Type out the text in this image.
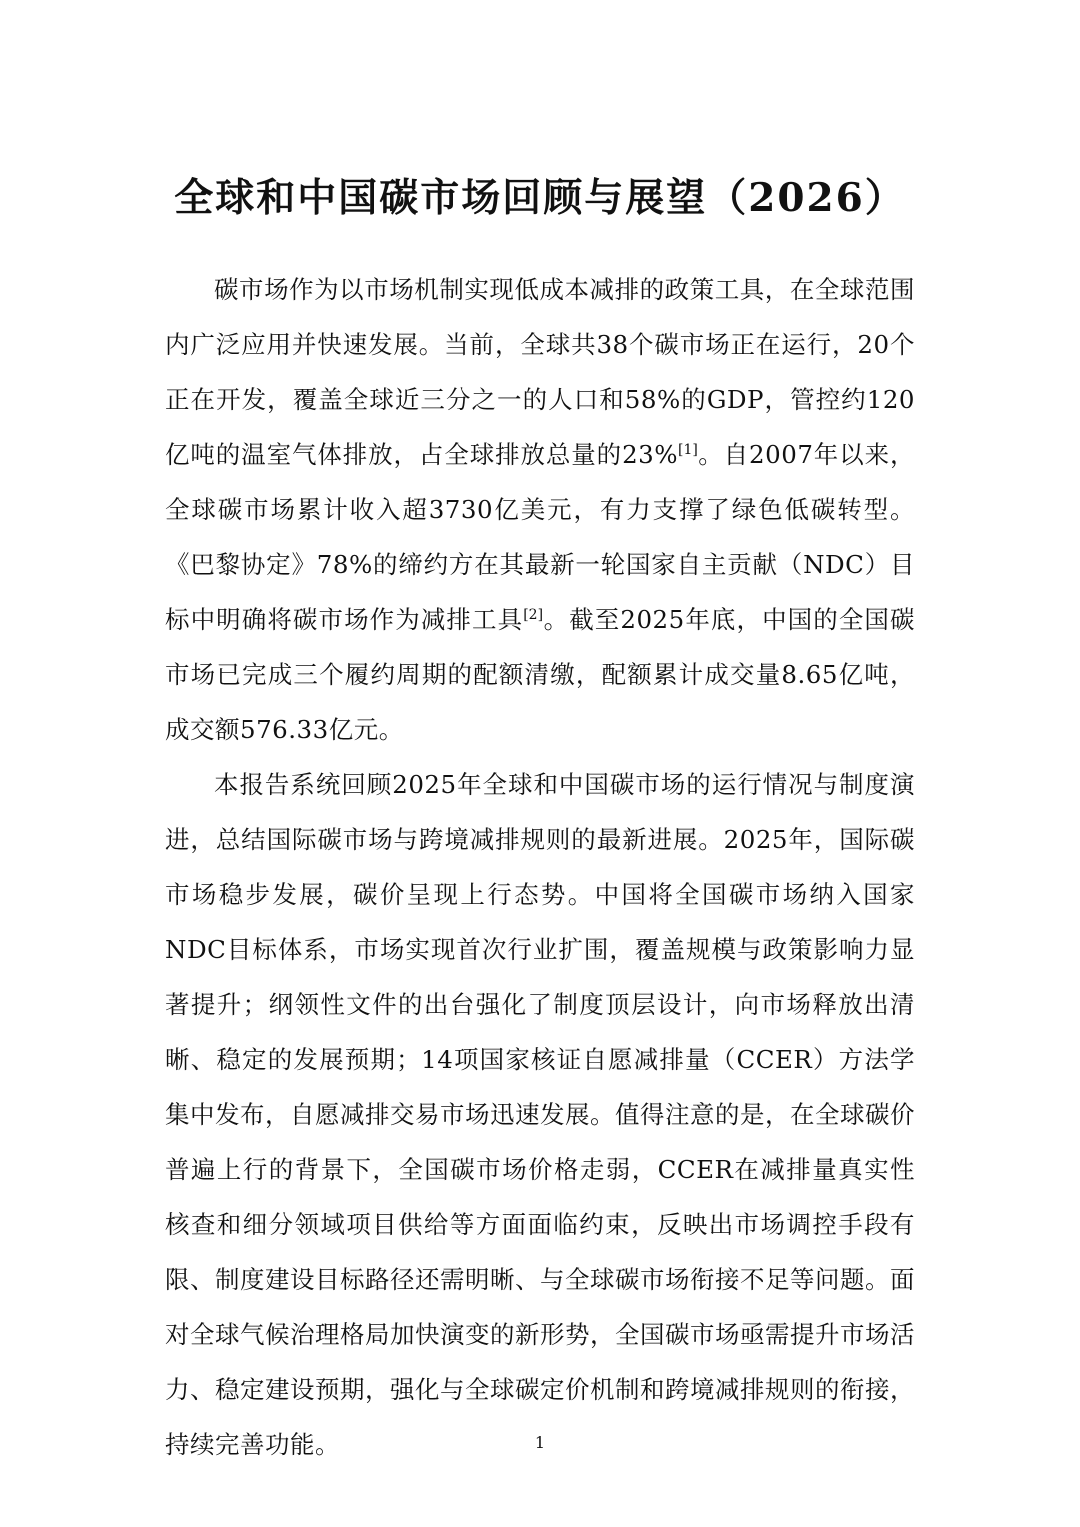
全球和中国碳市场回顾与展望（2026）

碳市场作为以市场机制实现低成本减排的政策工具，在全球范围内广泛应用并快速发展。当前，全球共38个碳市场正在运行，20个正在开发，覆盖全球近三分之一的人口和58%的GDP，管控约120亿吨的温室气体排放，占全球排放总量的23%[1]。自2007年以来，全球碳市场累计收入超3730亿美元，有力支撑了绿色低碳转型。《巴黎协定》78%的缔约方在其最新一轮国家自主贡献（NDC）目标中明确将碳市场作为减排工具[2]。截至2025年底，中国的全国碳市场已完成三个履约周期的配额清缴，配额累计成交量8.65亿吨，成交额576.33亿元。

本报告系统回顾2025年全球和中国碳市场的运行情况与制度演进，总结国际碳市场与跨境减排规则的最新进展。2025年，国际碳市场稳步发展，碳价呈现上行态势。中国将全国碳市场纳入国家NDC目标体系，市场实现首次行业扩围，覆盖规模与政策影响力显著提升；纲领性文件的出台强化了制度顶层设计，向市场释放出清晰、稳定的发展预期；14项国家核证自愿减排量（CCER）方法学集中发布，自愿减排交易市场迅速发展。值得注意的是，在全球碳价普遍上行的背景下，全国碳市场价格走弱，CCER在减排量真实性核查和细分领域项目供给等方面面临约束，反映出市场调控手段有限、制度建设目标路径还需明晰、与全球碳市场衔接不足等问题。面对全球气候治理格局加快演变的新形势，全国碳市场亟需提升市场活力、稳定建设预期，强化与全球碳定价机制和跨境减排规则的衔接，持续完善功能。	1
